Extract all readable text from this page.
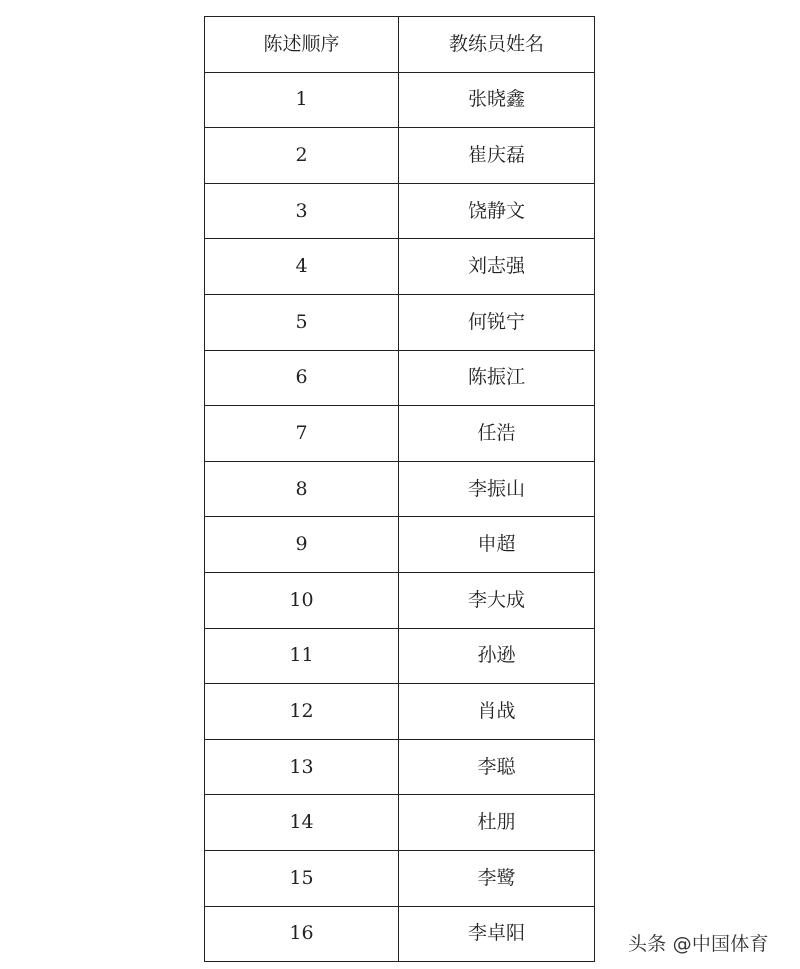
陈述顺序	教练员姓名
1	张晓鑫
2	崔庆磊
3	饶静文
4	刘志强
5	何锐宁
6	陈振江
7	任浩
8	李振山
9	申超
10	李大成
11	孙逊
12	肖战
13	李聪
14	杜朋
15	李鹭
16	李卓阳	头条 @中国体育
